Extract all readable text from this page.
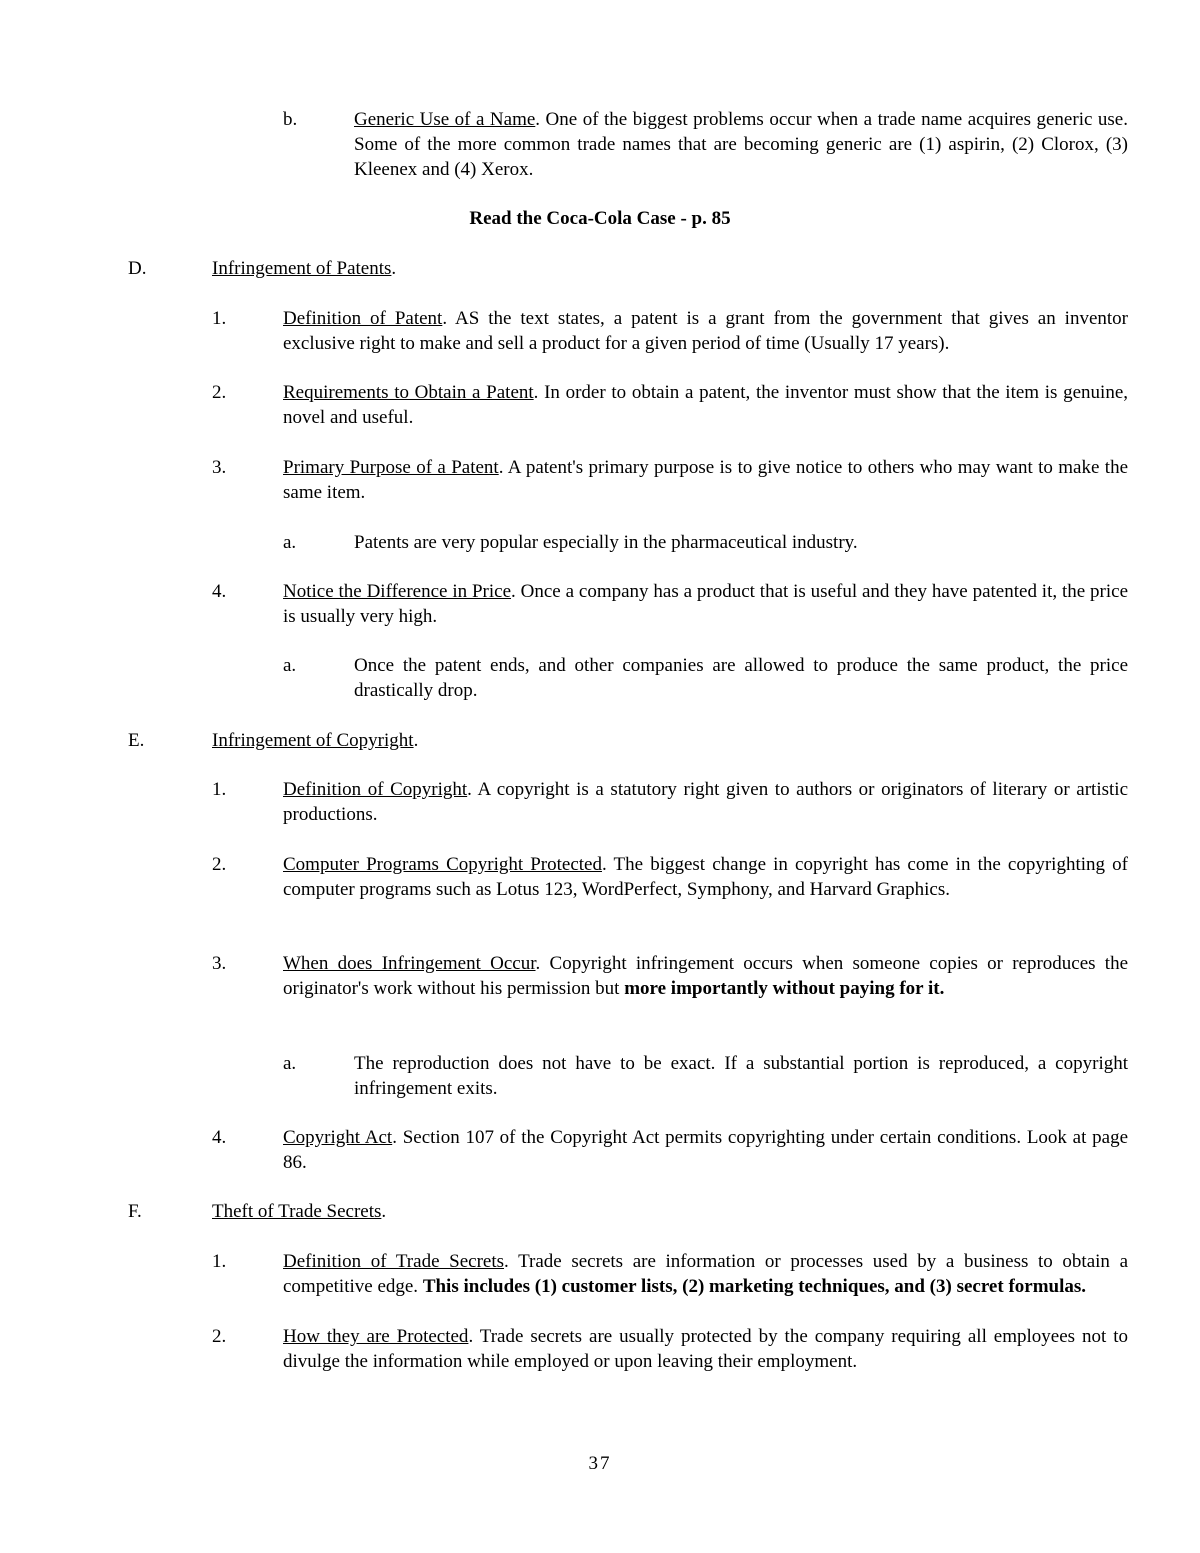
b.	Generic Use of a Name. One of the biggest problems occur when a trade name acquires generic use. Some of the more common trade names that are becoming generic are (1) aspirin, (2) Clorox, (3) Kleenex and (4) Xerox.
Read the Coca-Cola Case - p. 85
D.	Infringement of Patents.
1.	Definition of Patent. AS the text states, a patent is a grant from the government that gives an inventor exclusive right to make and sell a product for a given period of time (Usually 17 years).
2.	Requirements to Obtain a Patent. In order to obtain a patent, the inventor must show that the item is genuine, novel and useful.
3.	Primary Purpose of a Patent. A patent's primary purpose is to give notice to others who may want to make the same item.
a.	Patents are very popular especially in the pharmaceutical industry.
4.	Notice the Difference in Price. Once a company has a product that is useful and they have patented it, the price is usually very high.
a.	Once the patent ends, and other companies are allowed to produce the same product, the price drastically drop.
E.	Infringement of Copyright.
1.	Definition of Copyright. A copyright is a statutory right given to authors or originators of literary or artistic productions.
2.	Computer Programs Copyright Protected. The biggest change in copyright has come in the copyrighting of computer programs such as Lotus 123, WordPerfect, Symphony, and Harvard Graphics.
3.	When does Infringement Occur. Copyright infringement occurs when someone copies or reproduces the originator's work without his permission but more importantly without paying for it.
a.	The reproduction does not have to be exact. If a substantial portion is reproduced, a copyright infringement exits.
4.	Copyright Act. Section 107 of the Copyright Act permits copyrighting under certain conditions. Look at page 86.
F.	Theft of Trade Secrets.
1.	Definition of Trade Secrets. Trade secrets are information or processes used by a business to obtain a competitive edge. This includes (1) customer lists, (2) marketing techniques, and (3) secret formulas.
2.	How they are Protected. Trade secrets are usually protected by the company requiring all employees not to divulge the information while employed or upon leaving their employment.
37
